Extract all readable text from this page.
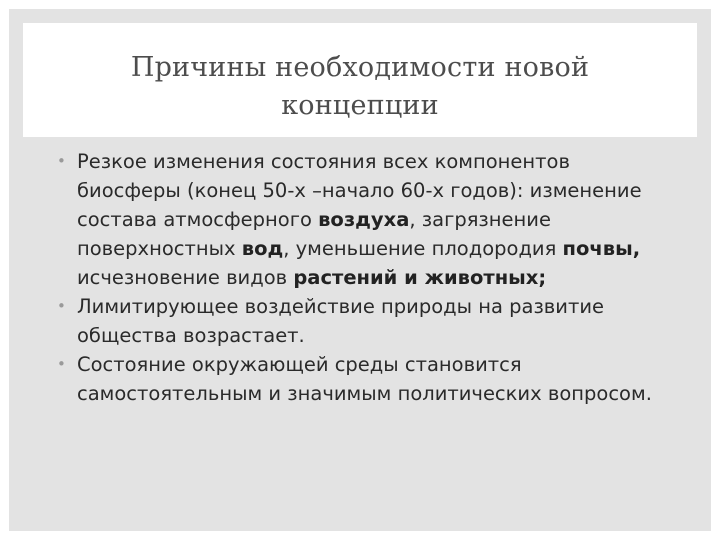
Причины необходимости новой
концепции
• Резкое изменения состояния всех компонентов биосферы (конец 50-х –начало 60-х годов): изменение состава атмосферного воздуха, загрязнение поверхностных вод, уменьшение плодородия почвы, исчезновение видов растений и животных;
• Лимитирующее воздействие природы на развитие общества возрастает.
• Состояние окружающей среды становится самостоятельным и значимым политических вопросом.
